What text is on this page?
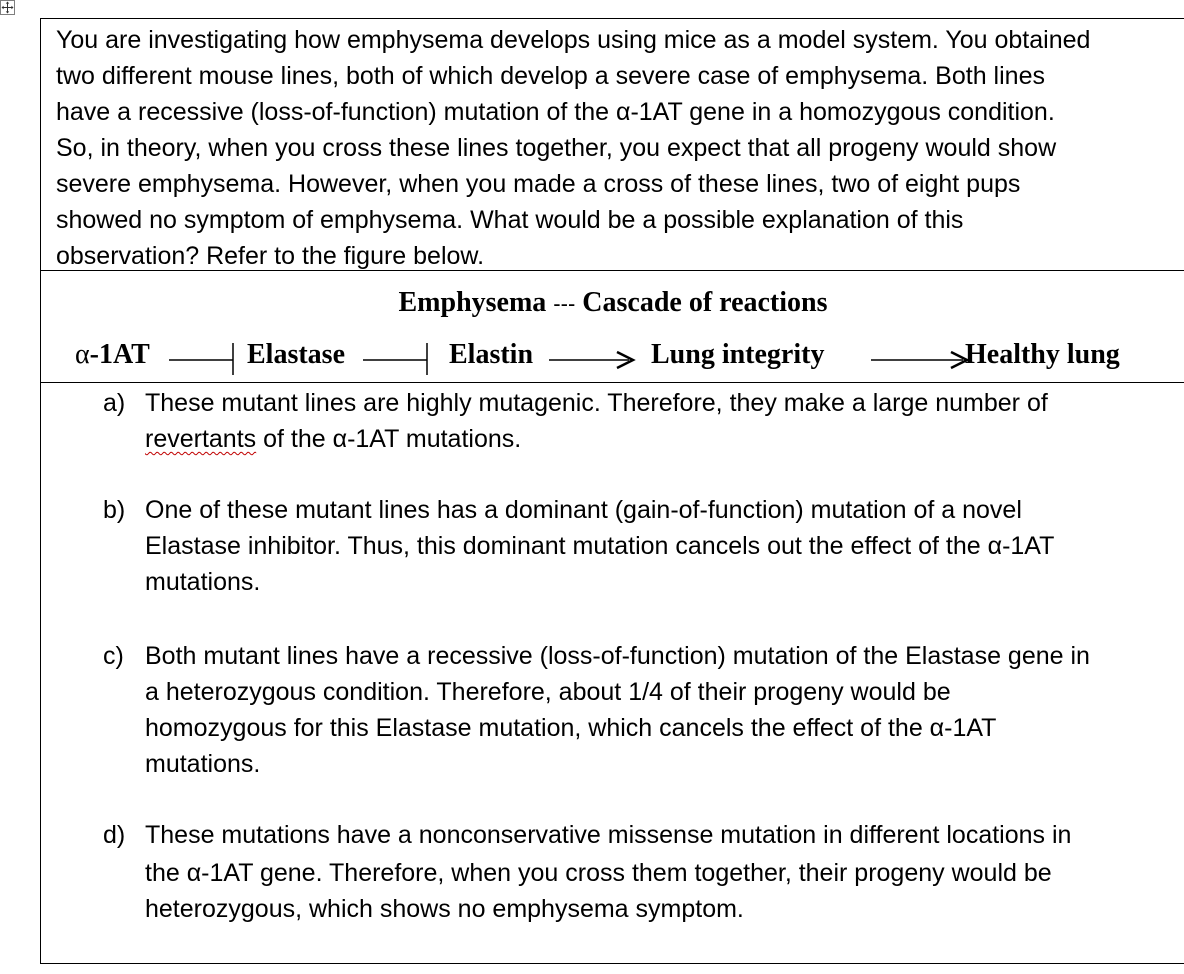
You are investigating how emphysema develops using mice as a model system. You obtained
two different mouse lines, both of which develop a severe case of emphysema. Both lines
have a recessive (loss-of-function) mutation of the α-1AT gene in a homozygous condition.
So, in theory, when you cross these lines together, you expect that all progeny would show
severe emphysema. However, when you made a cross of these lines, two of eight pups
showed no symptom of emphysema. What would be a possible explanation of this
observation? Refer to the figure below.
Emphysema --- Cascade of reactions
α-1AT	Elastase	Elastin	Lung integrity	Healthy lung
a) These mutant lines are highly mutagenic. Therefore, they make a large number of
revertants of the α-1AT mutations.
b) One of these mutant lines has a dominant (gain-of-function) mutation of a novel
Elastase inhibitor. Thus, this dominant mutation cancels out the effect of the α-1AT
mutations.
c) Both mutant lines have a recessive (loss-of-function) mutation of the Elastase gene in
a heterozygous condition. Therefore, about 1/4 of their progeny would be
homozygous for this Elastase mutation, which cancels the effect of the α-1AT
mutations.
d) These mutations have a nonconservative missense mutation in different locations in
the α-1AT gene. Therefore, when you cross them together, their progeny would be
heterozygous, which shows no emphysema symptom.
